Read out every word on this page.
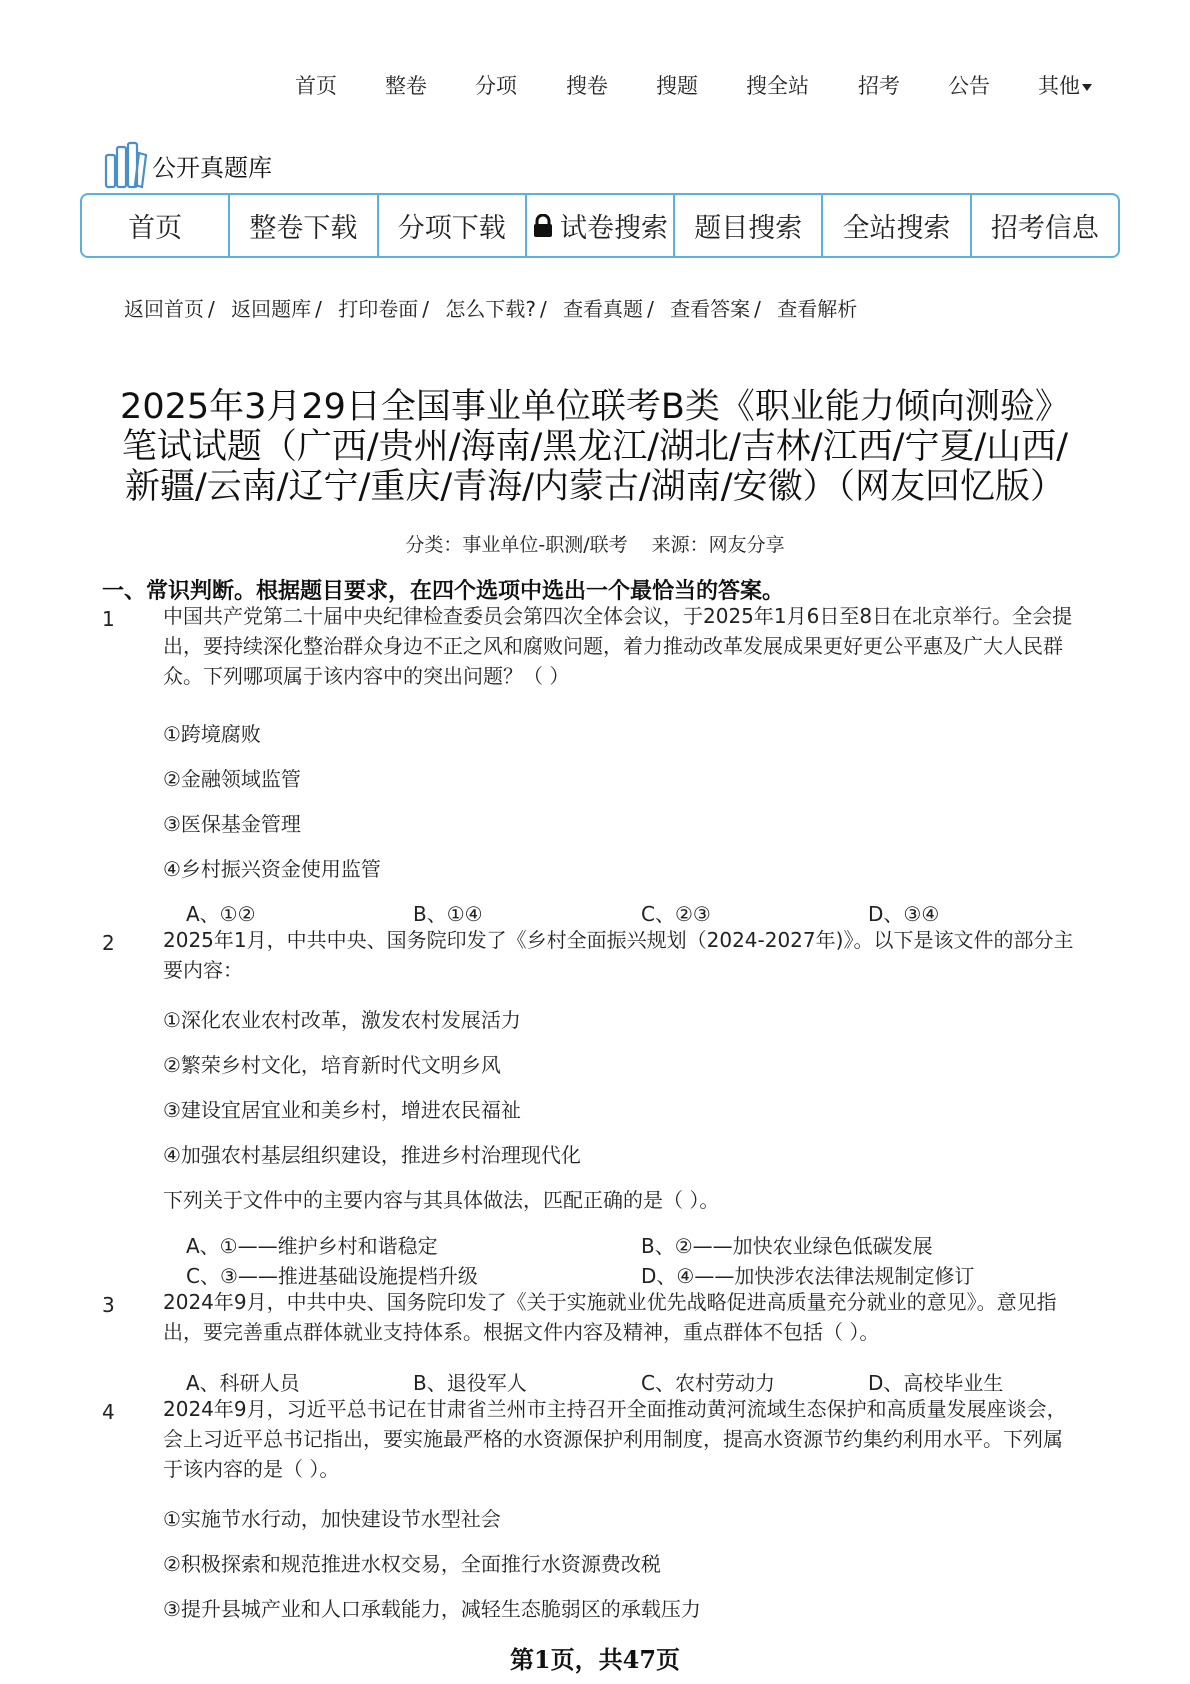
首页 整卷 分项 搜卷 搜题 搜全站 招考 公告 其他
公开真题库
首页	整卷下载	分项下载	试卷搜索 题目搜索	全站搜索	招考信息
返回首页 / 返回题库 / 打印卷面 / 怎么下载? / 查看真题 / 查看答案 / 查看解析
2025年3月29日全国事业单位联考B类《职业能力倾向测验》
笔试试题（广西/贵州/海南/黑龙江/湖北/吉林/江西/宁夏/山西/
新疆/云南/辽宁/重庆/青海/内蒙古/湖南/安徽）（网友回忆版）
分类：事业单位-职测/联考 来源：网友分享
一、常识判断。根据题目要求，在四个选项中选出一个最恰当的答案。
1 中国共产党第二十届中央纪律检查委员会第四次全体会议，于2025年1月6日至8日在北京举行。全会提出，要持续深化整治群众身边不正之风和腐败问题，着力推动改革发展成果更好更公平惠及广大人民群众。下列哪项属于该内容中的突出问题？（ ）
①跨境腐败
②金融领域监管
③医保基金管理
④乡村振兴资金使用监管
A、①②	B、①④	C、②③	D、③④
2 2025年1月，中共中央、国务院印发了《乡村全面振兴规划（2024-2027年)》。以下是该文件的部分主要内容：
①深化农业农村改革，激发农村发展活力
②繁荣乡村文化，培育新时代文明乡风
③建设宜居宜业和美乡村，增进农民福祉
④加强农村基层组织建设，推进乡村治理现代化
下列关于文件中的主要内容与其具体做法，匹配正确的是（ ）。
A、①——维护乡村和谐稳定	B、②——加快农业绿色低碳发展
C、③——推进基础设施提档升级	D、④——加快涉农法律法规制定修订
3 2024年9月，中共中央、国务院印发了《关于实施就业优先战略促进高质量充分就业的意见》。意见指出，要完善重点群体就业支持体系。根据文件内容及精神，重点群体不包括（ ）。
A、科研人员	B、退役军人	C、农村劳动力	D、高校毕业生
4 2024年9月，习近平总书记在甘肃省兰州市主持召开全面推动黄河流域生态保护和高质量发展座谈会，会上习近平总书记指出，要实施最严格的水资源保护利用制度，提高水资源节约集约利用水平。下列属于该内容的是（ ）。
①实施节水行动，加快建设节水型社会
②积极探索和规范推进水权交易，全面推行水资源费改税
③提升县城产业和人口承载能力，减轻生态脆弱区的承载压力
第1页，共47页
